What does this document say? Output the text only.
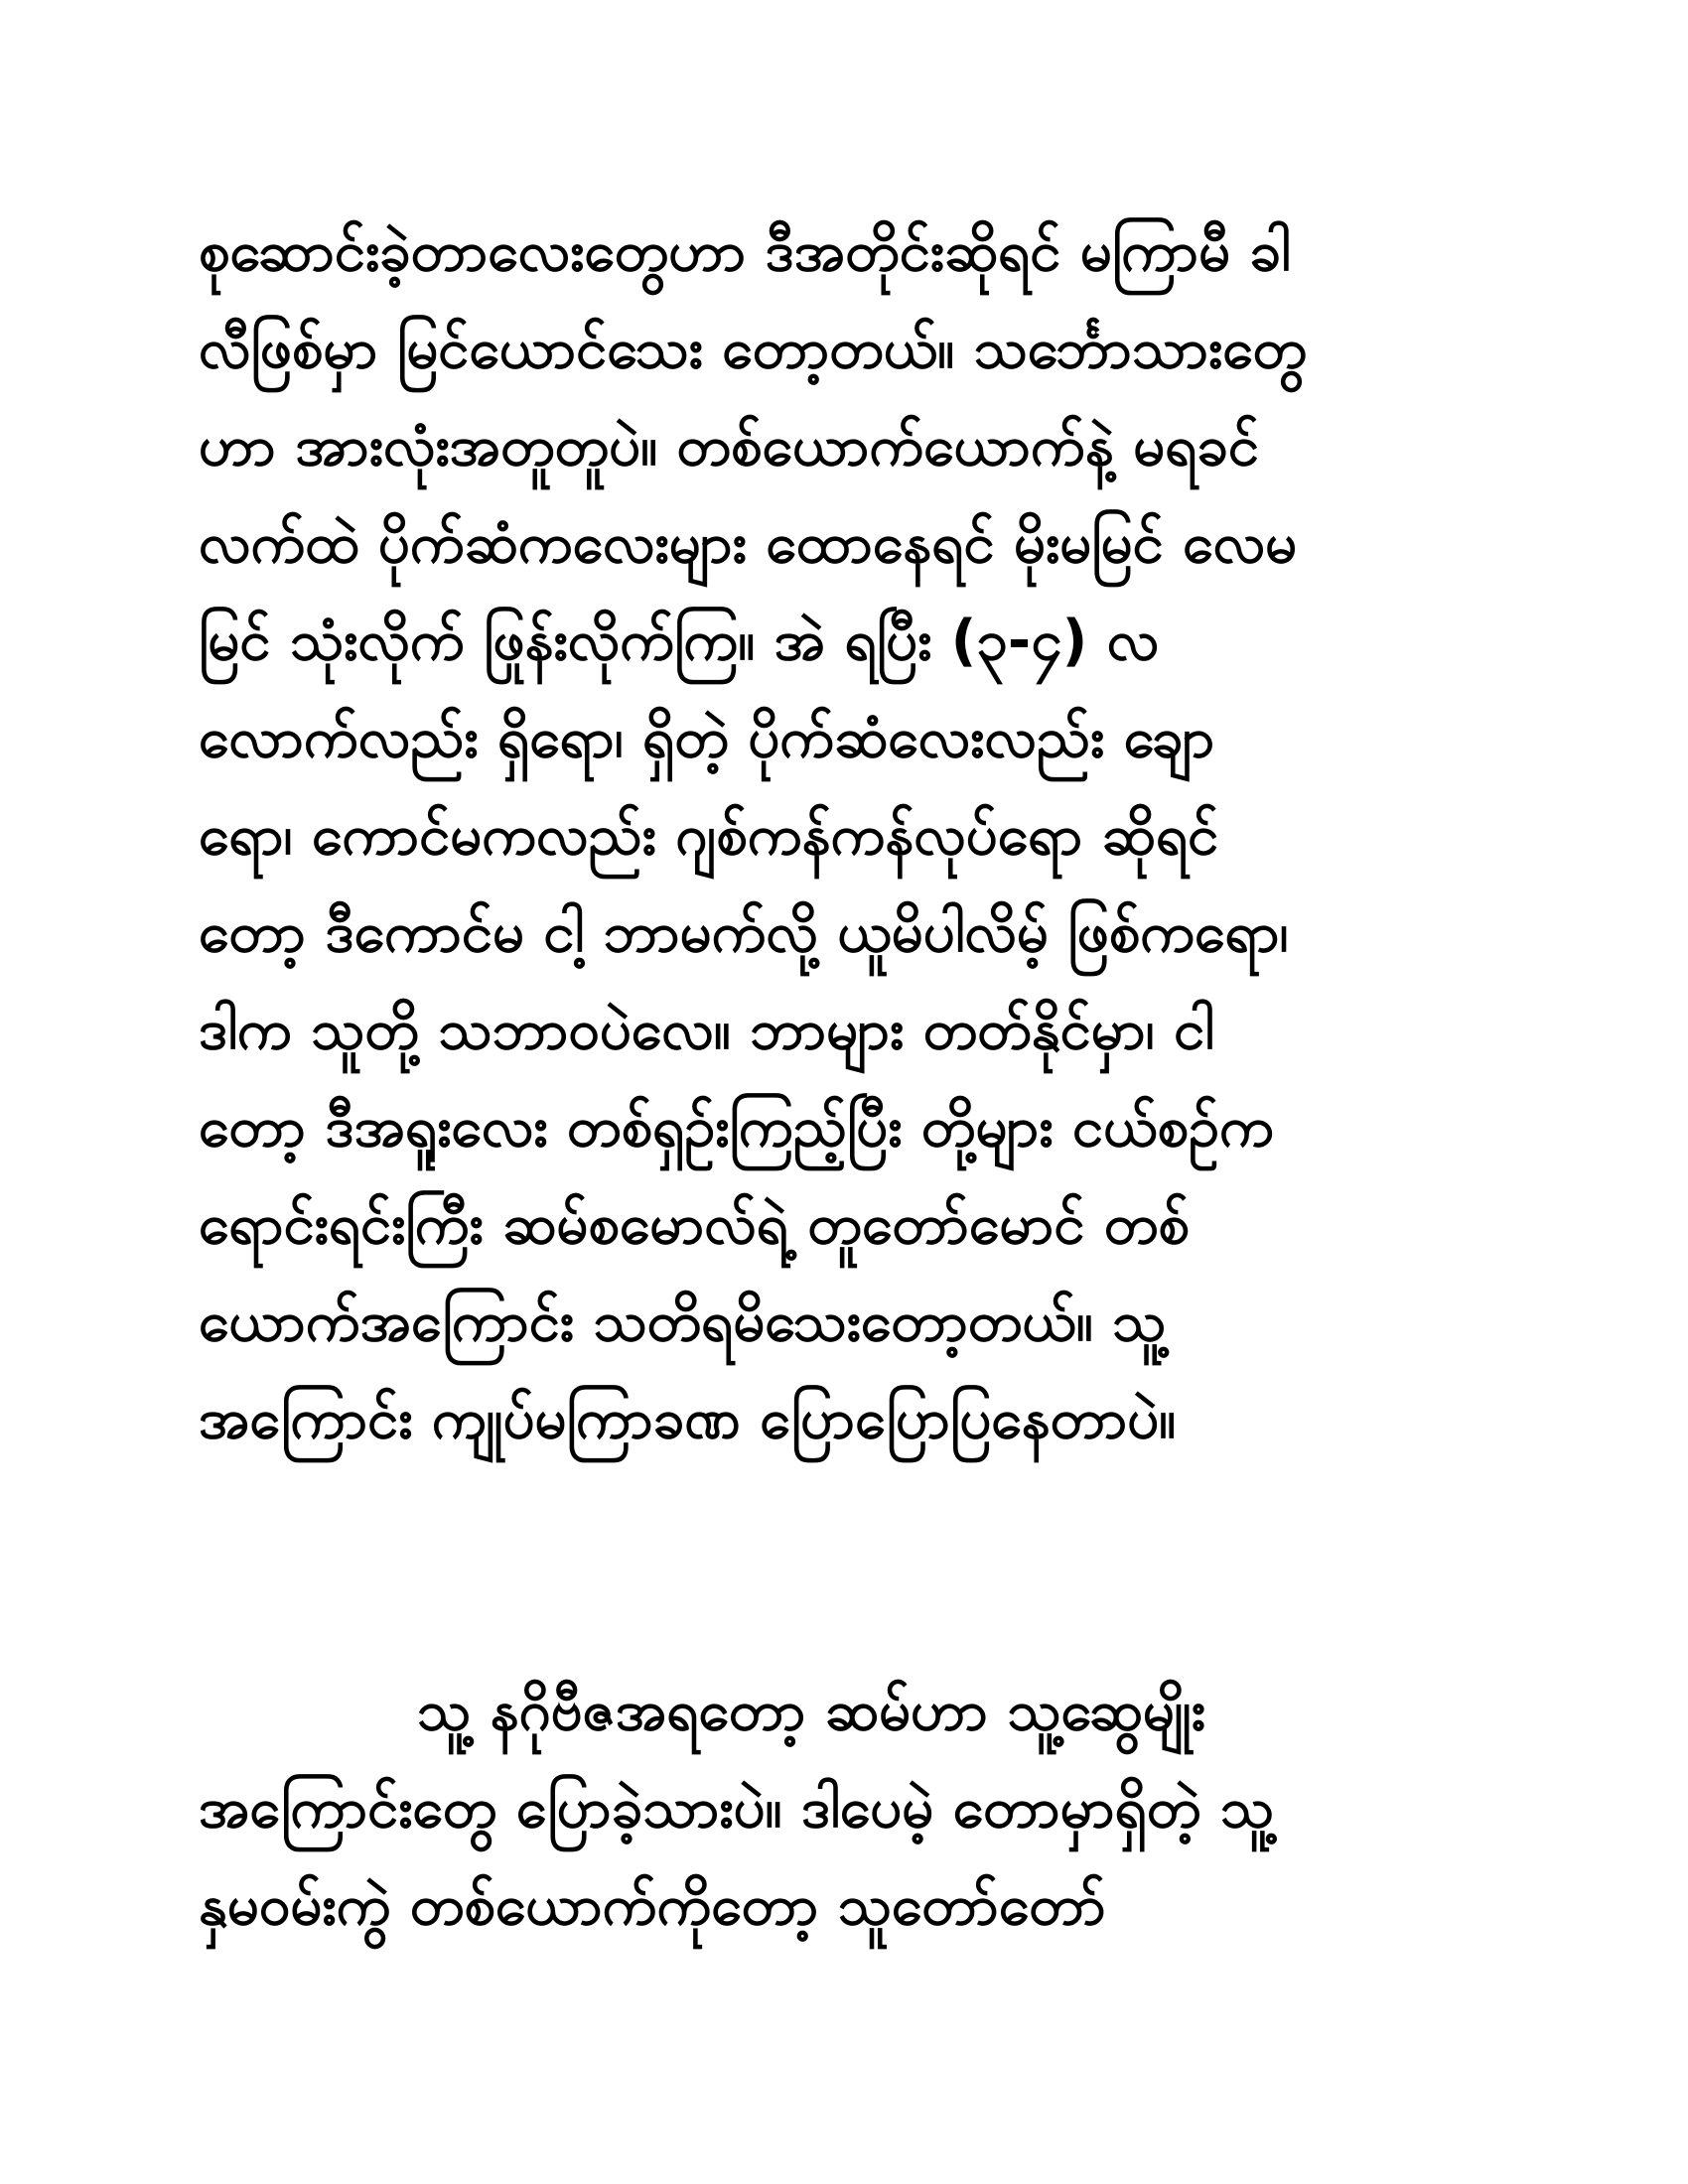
စုဆောင်းခဲ့တာလေးတွေဟာ ဒီအတိုင်းဆိုရင် မကြာမီ ခါ
လီဖြစ်မှာ မြင်ယောင်သေး တော့တယ်။ သင်္ဘောသားတွေ
ဟာ အားလုံးအတူတူပဲ။ တစ်ယောက်ယောက်နဲ့ မရခင်
လက်ထဲ ပိုက်ဆံကလေးများ ထောနေရင် မိုးမမြင် လေမ
မြင် သုံးလိုက် ဖြုန်းလိုက်ကြ။ အဲ ရပြီး (၃-၄) လ
လောက်လည်း ရှိရော၊ ရှိတဲ့ ပိုက်ဆံလေးလည်း ချော
ရော၊ ကောင်မကလည်း ဂျစ်ကန်ကန်လုပ်ရော ဆိုရင်
တော့ ဒီကောင်မ ငါ့ ဘာမက်လို့ ယူမိပါလိမ့် ဖြစ်ကရော၊
ဒါက သူတို့ သဘာဝပဲလေ။ ဘာများ တတ်နိုင်မှာ၊ ငါ
တော့ ဒီအရူးလေး တစ်ရှဉ်းကြည့်ပြီး တို့များ ငယ်စဉ်က
ရောင်းရင်းကြီး ဆမ်စမောလ်ရဲ့ တူတော်မောင် တစ်
ယောက်အကြောင်း သတိရမိသေးတော့တယ်။ သူ့
အကြောင်း ကျုပ်မကြာခဏ ပြောပြောပြနေတာပဲ။
သူ့ နဂိုဗီဇအရတော့ ဆမ်ဟာ သူ့ဆွေမျိုး
အကြောင်းတွေ ပြောခဲ့သားပဲ။ ဒါပေမဲ့ တောမှာရှိတဲ့ သူ့
နှမဝမ်းကွဲ တစ်ယောက်ကိုတော့ သူတော်တော်
